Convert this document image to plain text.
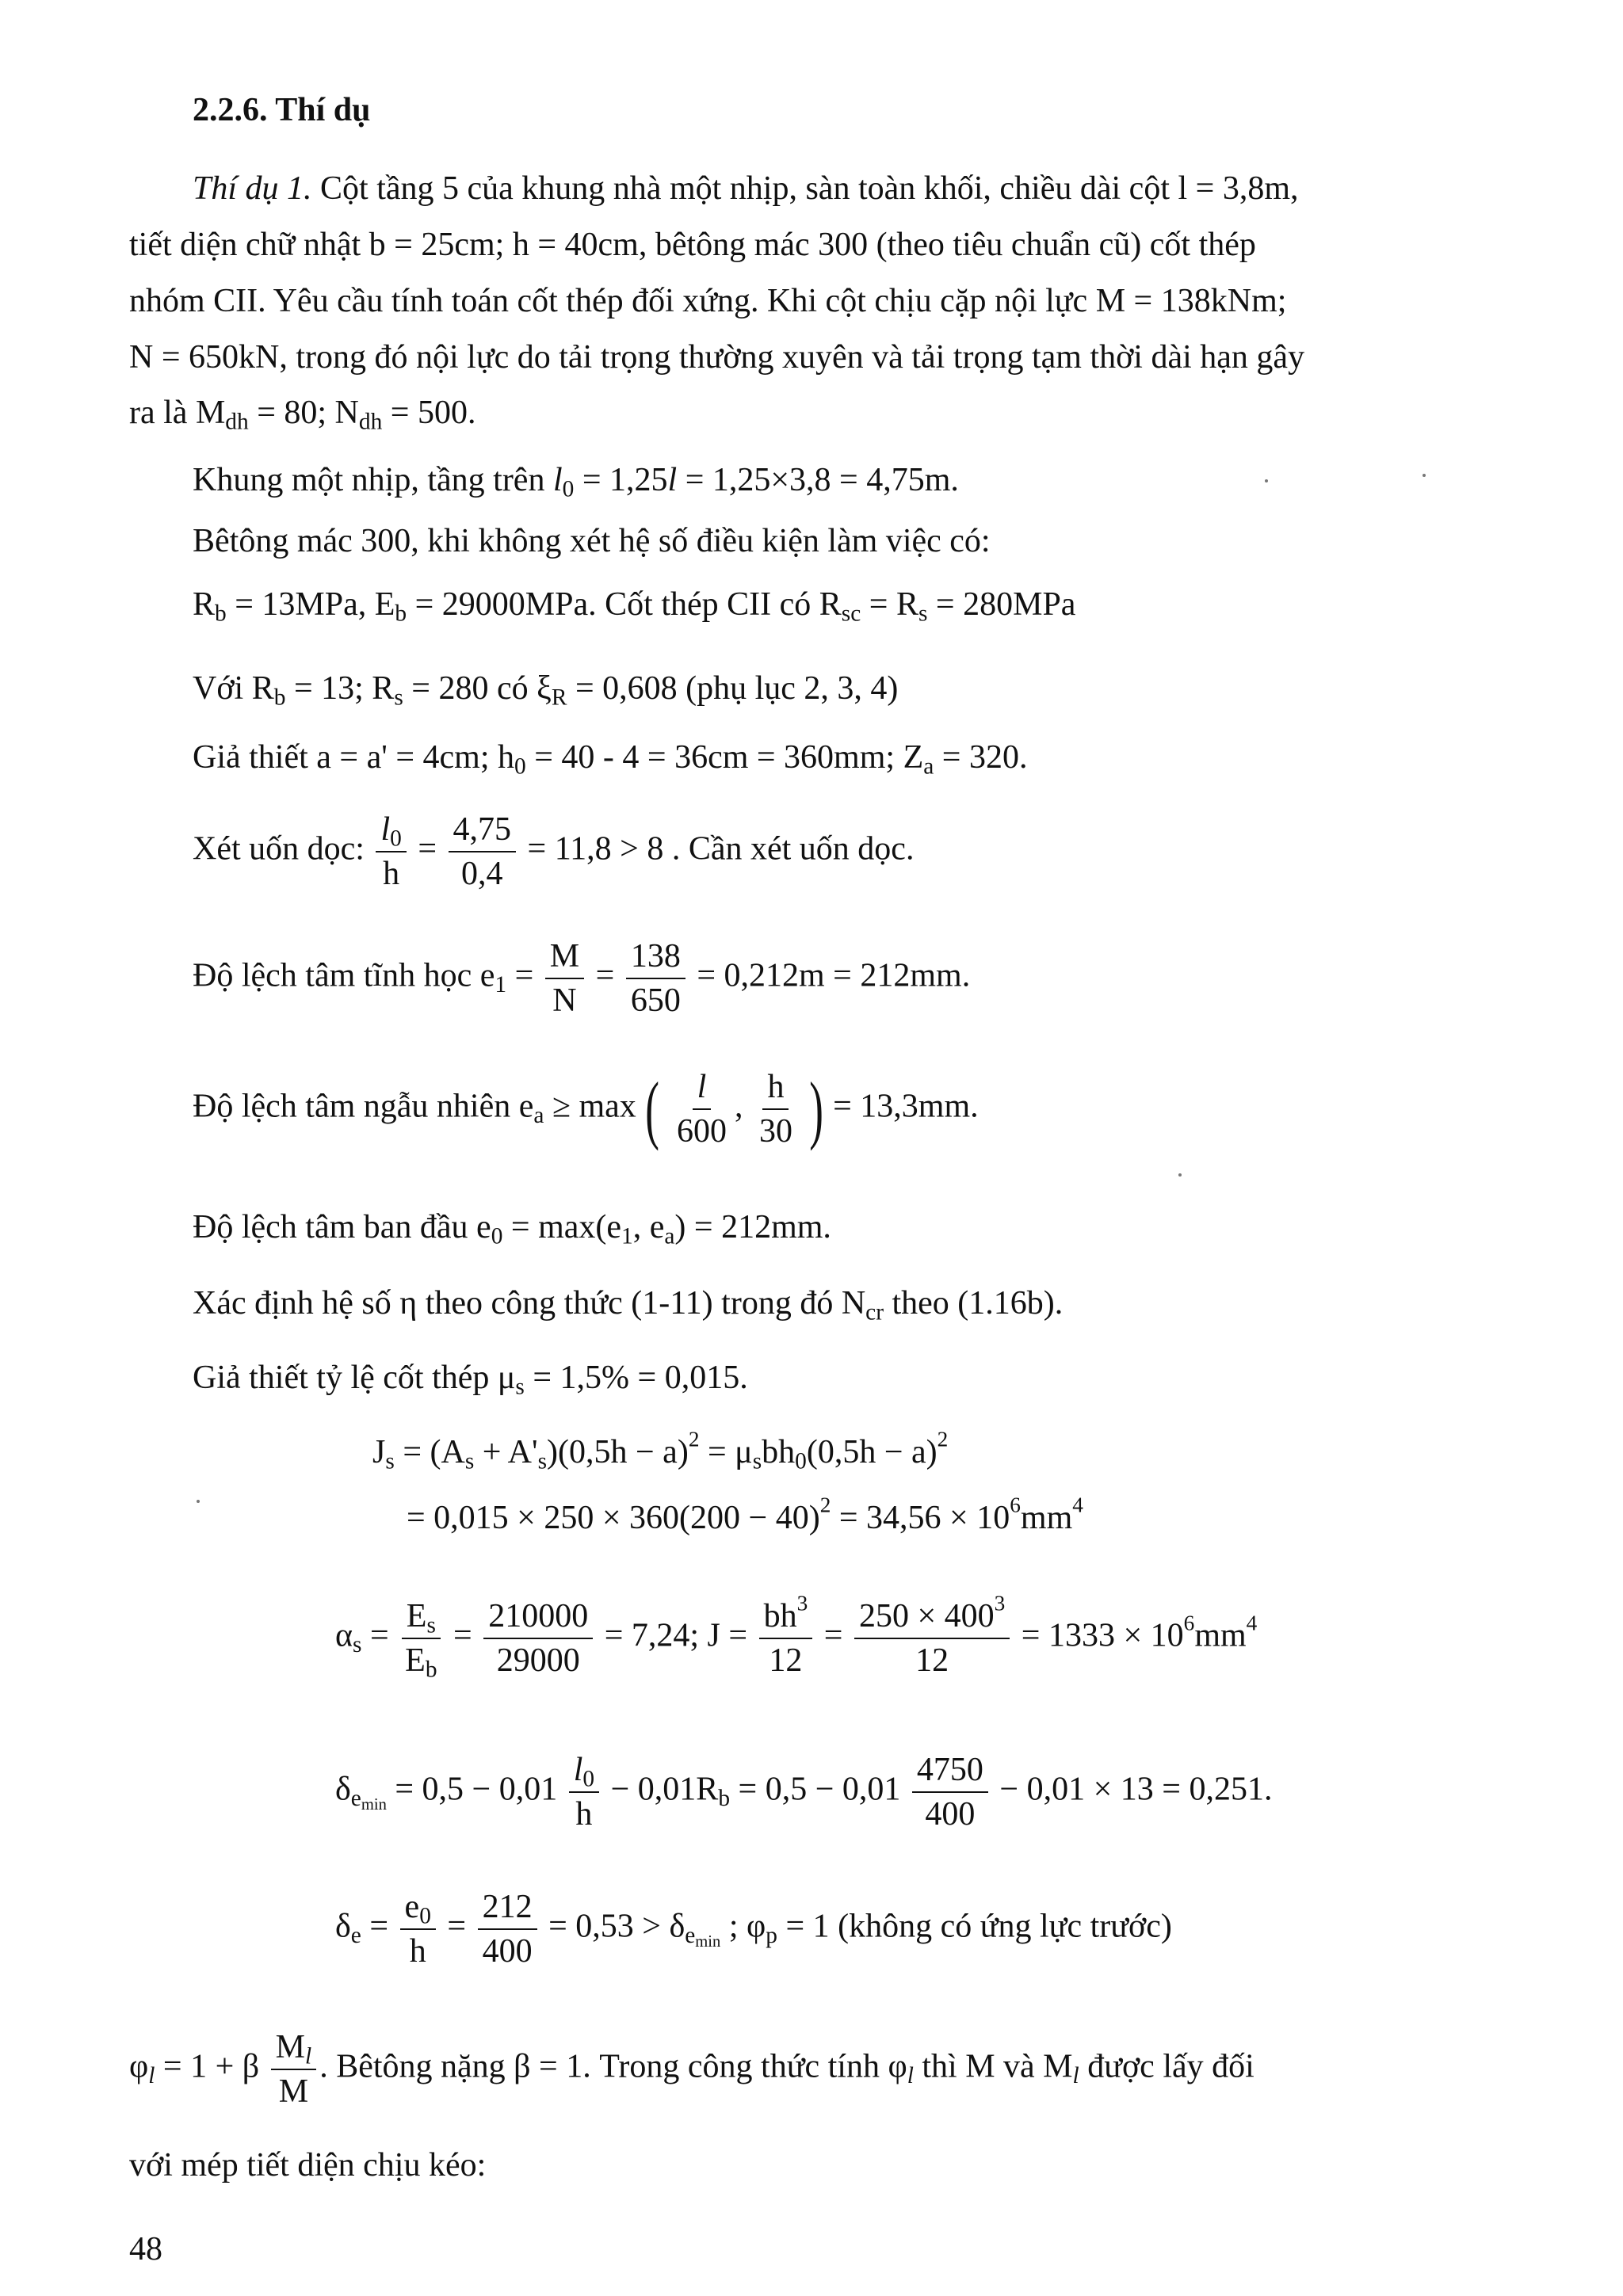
2.2.6. Thí dụ
Thí dụ 1. Cột tầng 5 của khung nhà một nhịp, sàn toàn khối, chiều dài cột l = 3,8m,
tiết diện chữ nhật b = 25cm; h = 40cm, bêtông mác 300 (theo tiêu chuẩn cũ) cốt thép
nhóm CII. Yêu cầu tính toán cốt thép đối xứng. Khi cột chịu cặp nội lực M = 138kNm;
N = 650kN, trong đó nội lực do tải trọng thường xuyên và tải trọng tạm thời dài hạn gây
ra là $M_{dh} = 80$; $N_{dh} = 500$.
Khung một nhịp, tầng trên $l_0 = 1,25l = 1,25\times 3,8 = 4,75m$.
Bêtông mác 300, khi không xét hệ số điều kiện làm việc có:
$R_b = 13MPa$, $E_b = 29000MPa$. Cốt thép CII có $R_{sc} = R_s = 280MPa$
Với $R_b = 13$; $R_s = 280$ có $\xi_R = 0,608$ (phụ lục 2, 3, 4)
Giả thiết a = a' = 4cm; $h_0 = 40 - 4 = 36cm = 360mm$; $Z_a = 320$.
Xét uốn dọc: $\frac{l_0}{h} = \frac{4,75}{0,4} = 11,8 > 8$ . Cần xét uốn dọc.
Độ lệch tâm tĩnh học $e_1 = \frac{M}{N} = \frac{138}{650} = 0,212m = 212mm$.
Độ lệch tâm ngẫu nhiên $e_a \ge \max$ ( $\frac{l}{600}$ , $\frac{h}{30}$ ) = 13,3mm.
Độ lệch tâm ban đầu $e_0 = \max(e_1$, $e_a) = 212mm$.
Xác định hệ số η theo công thức (1-11) trong đó $N_{cr}$ theo (1.16b).
Giả thiết tỷ lệ cốt thép $\mu_s = 1,5\% = 0,015$.
$J_s = (A_s + A'_s)(0,5h - a)^2 = \mu_sbh_0(0,5h - a)^2$
= $0,015 \times 250 \times 360(200 - 40)^2 = 34,56 \times 10^6mm^4$
$\alpha_s = \frac{E_s}{E_b} = \frac{210000}{29000} = 7,24$; $J = \frac{bh^3}{12} = \frac{250 \times 400^3}{12} = 1333 \times 10^6mm^4$
$\delta_{e_{min}} = 0,5 - 0,01 \frac{l_0}{h} - 0,01R_b = 0,5 - 0,01 \frac{4750}{400} - 0,01 \times 13 = 0,251$.
$\delta_e = \frac{e_0}{h} = \frac{212}{400} = 0,53 > \delta_{e_{min}}$ ; $\varphi_p = 1$ (không có ứng lực trước)
$\varphi_l = 1 + \beta \frac{M_l}{M}$ . Bêtông nặng β = 1. Trong công thức tính $\varphi_l$ thì M và $M_l$ được lấy đối
với mép tiết diện chịu kéo:
48
